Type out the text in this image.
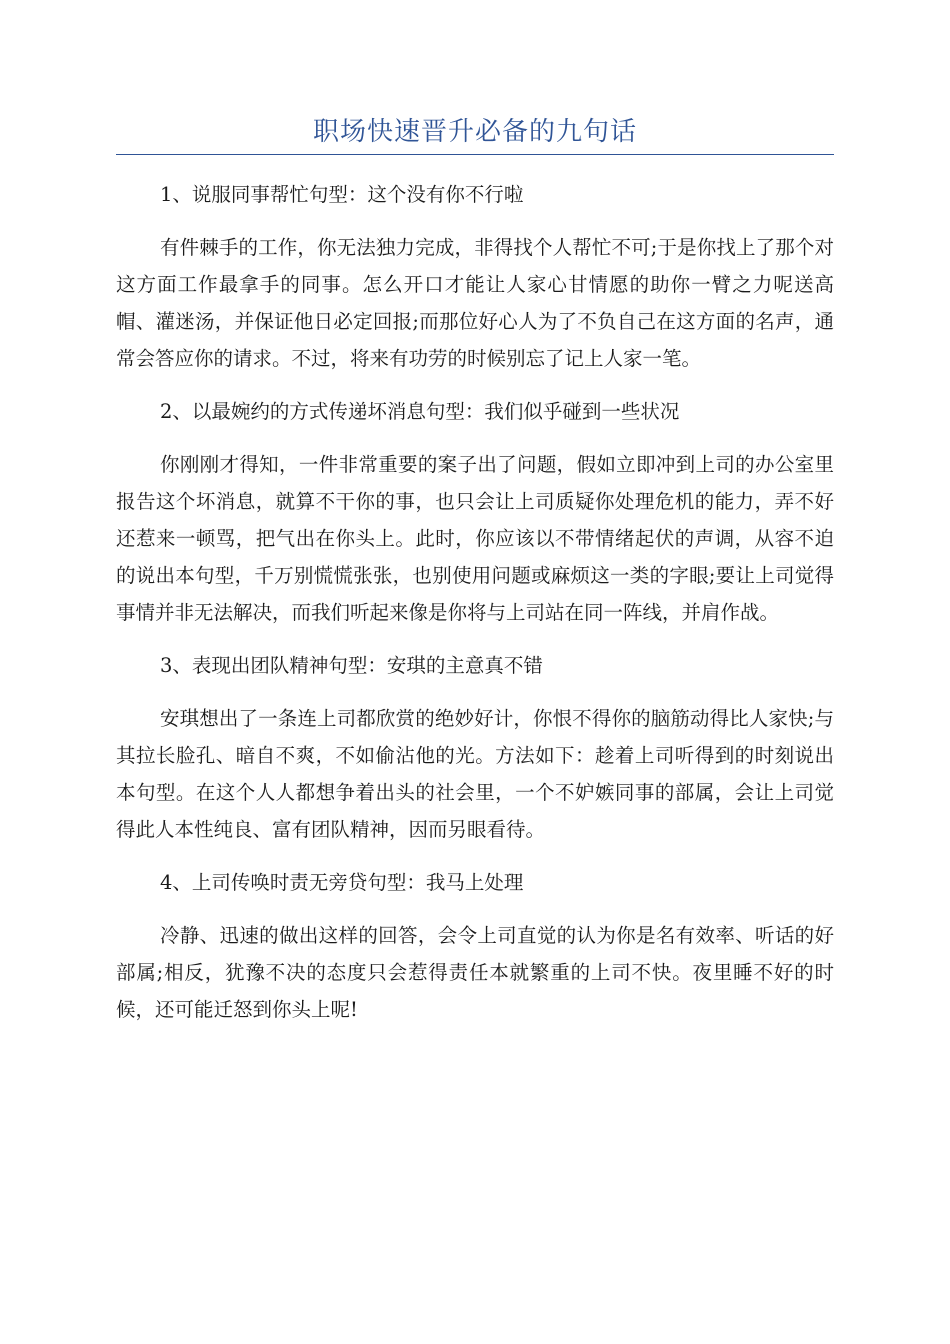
职场快速晋升必备的九句话

1、说服同事帮忙句型：这个没有你不行啦

有件棘手的工作，你无法独力完成，非得找个人帮忙不可;于是你找上了那个对这方面工作最拿手的同事。怎么开口才能让人家心甘情愿的助你一臂之力呢送高帽、灌迷汤，并保证他日必定回报;而那位好心人为了不负自己在这方面的名声，通常会答应你的请求。不过，将来有功劳的时候别忘了记上人家一笔。

2、以最婉约的方式传递坏消息句型：我们似乎碰到一些状况

你刚刚才得知，一件非常重要的案子出了问题，假如立即冲到上司的办公室里报告这个坏消息，就算不干你的事，也只会让上司质疑你处理危机的能力，弄不好还惹来一顿骂，把气出在你头上。此时，你应该以不带情绪起伏的声调，从容不迫的说出本句型，千万别慌慌张张，也别使用问题或麻烦这一类的字眼;要让上司觉得事情并非无法解决，而我们听起来像是你将与上司站在同一阵线，并肩作战。

3、表现出团队精神句型：安琪的主意真不错

安琪想出了一条连上司都欣赏的绝妙好计，你恨不得你的脑筋动得比人家快;与其拉长脸孔、暗自不爽，不如偷沾他的光。方法如下：趁着上司听得到的时刻说出本句型。在这个人人都想争着出头的社会里，一个不妒嫉同事的部属，会让上司觉得此人本性纯良、富有团队精神，因而另眼看待。

4、上司传唤时责无旁贷句型：我马上处理

冷静、迅速的做出这样的回答，会令上司直觉的认为你是名有效率、听话的好部属;相反，犹豫不决的态度只会惹得责任本就繁重的上司不快。夜里睡不好的时候，还可能迁怒到你头上呢!
